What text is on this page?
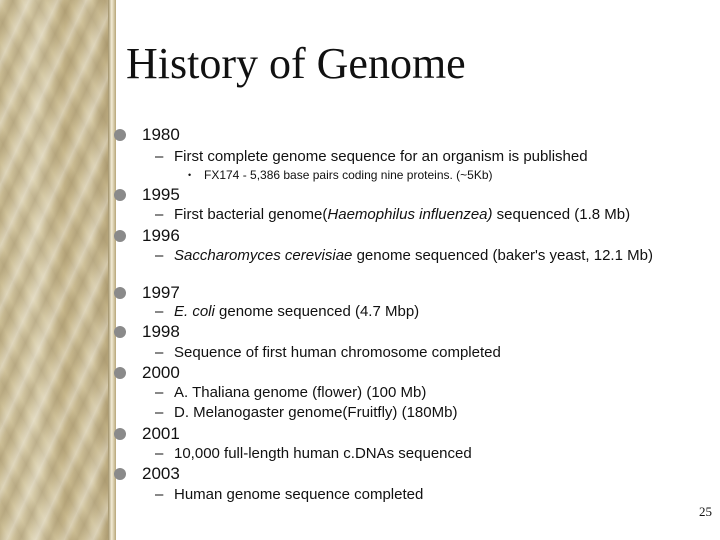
History of Genome
1980
– First complete genome sequence for an organism is published
• FX174 - 5,386 base pairs coding nine proteins. (~5Kb)
1995
– First bacterial genome(Haemophilus influenzea) sequenced (1.8 Mb)
1996
– Saccharomyces cerevisiae genome sequenced (baker's yeast, 12.1 Mb)
1997
– E. coli genome sequenced (4.7 Mbp)
1998
– Sequence of first human chromosome completed
2000
– A. Thaliana genome (flower) (100 Mb)
– D. Melanogaster genome(Fruitfly) (180Mb)
2001
– 10,000 full-length human c.DNAs sequenced
2003
– Human genome sequence completed
25
